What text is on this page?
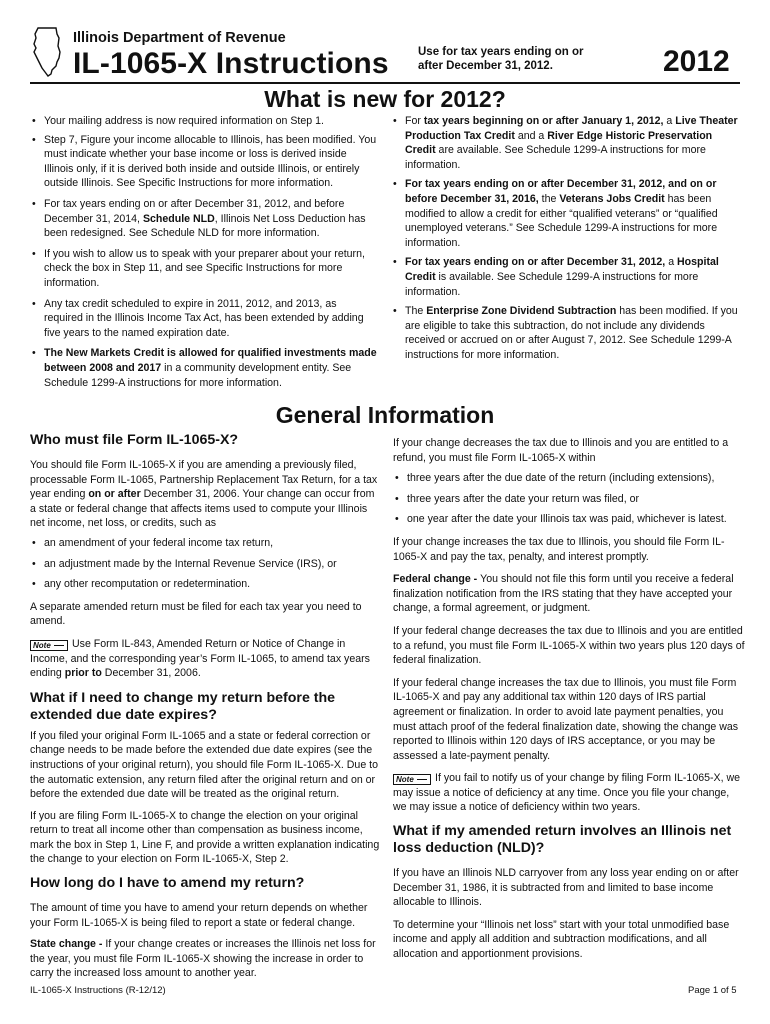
Illinois Department of Revenue
IL-1065-X Instructions	Use for tax years ending on or
after December 31, 2012.	2012
What is new for 2012?
• Your mailing address is now required information on Step 1.
• Step 7, Figure your income allocable to Illinois, has been modified. You must indicate whether your base income or loss is derived inside Illinois only, if it is derived both inside and outside Illinois, or entirely outside Illinois. See Specific Instructions for more information.
• For tax years ending on or after December 31, 2012, and before December 31, 2014, Schedule NLD, Illinois Net Loss Deduction has been redesigned. See Schedule NLD for more information.
• If you wish to allow us to speak with your preparer about your return, check the box in Step 11, and see Specific Instructions for more information.
• Any tax credit scheduled to expire in 2011, 2012, and 2013, as required in the Illinois Income Tax Act, has been extended by adding five years to the named expiration date.
• The New Markets Credit is allowed for qualified investments made between 2008 and 2017 in a community development entity. See Schedule 1299-A instructions for more information.
• For tax years beginning on or after January 1, 2012, a Live Theater Production Tax Credit and a River Edge Historic Preservation Credit are available. See Schedule 1299-A instructions for more information.
• For tax years ending on or after December 31, 2012, and on or before December 31, 2016, the Veterans Jobs Credit has been modified to allow a credit for either “qualified veterans” or “qualified unemployed veterans.” See Schedule 1299-A instructions for more information.
• For tax years ending on or after December 31, 2012, a Hospital Credit is available. See Schedule 1299-A instructions for more information.
• The Enterprise Zone Dividend Subtraction has been modified. If you are eligible to take this subtraction, do not include any dividends received or accrued on or after August 7, 2012. See Schedule 1299-A instructions for more information.
General Information
Who must file Form IL-1065-X?
You should file Form IL-1065-X if you are amending a previously filed, processable Form IL-1065, Partnership Replacement Tax Return, for a tax year ending on or after December 31, 2006. Your change can occur from a state or federal change that affects items used to compute your Illinois net income, net loss, or credits, such as
• an amendment of your federal income tax return,
• an adjustment made by the Internal Revenue Service (IRS), or
• any other recomputation or redetermination.
A separate amended return must be filed for each tax year you need to amend.
Note Use Form IL-843, Amended Return or Notice of Change in Income, and the corresponding year’s Form IL-1065, to amend tax years ending prior to December 31, 2006.
What if I need to change my return before the extended due date expires?
If you filed your original Form IL-1065 and a state or federal correction or change needs to be made before the extended due date expires (see the instructions of your original return), you should file Form IL-1065-X. Due to the automatic extension, any return filed after the original return and on or before the extended due date will be treated as the original return.
If you are filing Form IL-1065-X to change the election on your original return to treat all income other than compensation as business income, mark the box in Step 1, Line F, and provide a written explanation indicating the change to your election on Form IL-1065-X, Step 2.
How long do I have to amend my return?
The amount of time you have to amend your return depends on whether your Form IL-1065-X is being filed to report a state or federal change.
State change - If your change creates or increases the Illinois net loss for the year, you must file Form IL-1065-X showing the increase in order to carry the increased loss amount to another year.
If your change decreases the tax due to Illinois and you are entitled to a refund, you must file Form IL-1065-X within
• three years after the due date of the return (including extensions),
• three years after the date your return was filed, or
• one year after the date your Illinois tax was paid, whichever is latest.
If your change increases the tax due to Illinois, you should file Form IL-1065-X and pay the tax, penalty, and interest promptly.
Federal change - You should not file this form until you receive a federal finalization notification from the IRS stating that they have accepted your change, a formal agreement, or judgment.
If your federal change decreases the tax due to Illinois and you are entitled to a refund, you must file Form IL-1065-X within two years plus 120 days of federal finalization.
If your federal change increases the tax due to Illinois, you must file Form IL-1065-X and pay any additional tax within 120 days of IRS partial agreement or finalization. In order to avoid late payment penalties, you must attach proof of the federal finalization date, showing the change was reported to Illinois within 120 days of IRS acceptance, or you may be assessed a late-payment penalty.
Note If you fail to notify us of your change by filing Form IL-1065-X, we may issue a notice of deficiency at any time. Once you file your change, we may issue a notice of deficiency within two years.
What if my amended return involves an Illinois net loss deduction (NLD)?
If you have an Illinois NLD carryover from any loss year ending on or after December 31, 1986, it is subtracted from and limited to base income allocable to Illinois.
To determine your “Illinois net loss” start with your total unmodified base income and apply all addition and subtraction modifications, and all allocation and apportionment provisions.
IL-1065-X Instructions (R-12/12)	Page 1 of 5
